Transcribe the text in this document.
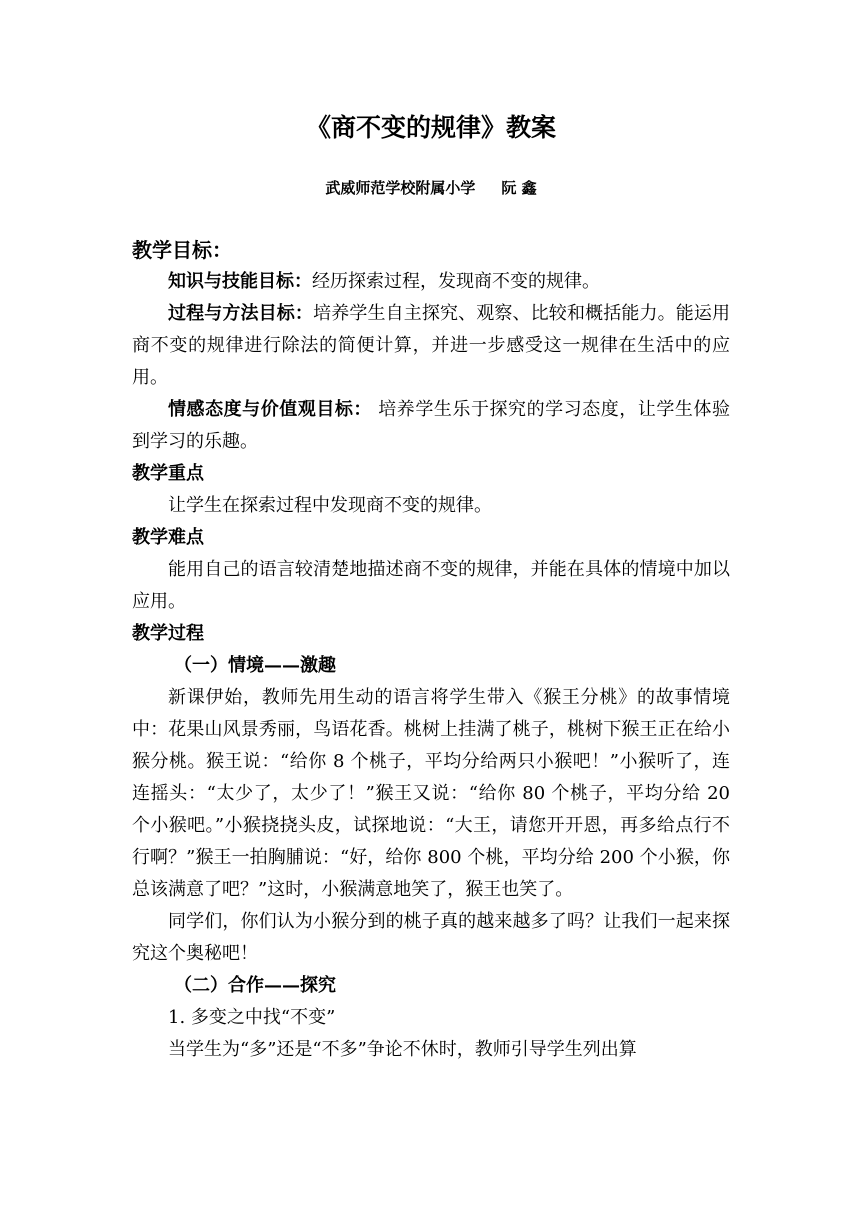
《商不变的规律》教案
武威师范学校附属小学 阮 鑫

教学目标：

知识与技能目标：经历探索过程，发现商不变的规律。

过程与方法目标：培养学生自主探究、观察、比较和概括能力。能运用商不变的规律进行除法的简便计算，并进一步感受这一规律在生活中的应用。

情感态度与价值观目标： 培养学生乐于探究的学习态度，让学生体验到学习的乐趣。

教学重点

让学生在探索过程中发现商不变的规律。

教学难点

能用自己的语言较清楚地描述商不变的规律，并能在具体的情境中加以应用。

教学过程

（一）情境——激趣

新课伊始，教师先用生动的语言将学生带入《猴王分桃》的故事情境中：花果山风景秀丽，鸟语花香。桃树上挂满了桃子，桃树下猴王正在给小猴分桃。猴王说：“给你 8 个桃子，平均分给两只小猴吧！”小猴听了，连连摇头：“太少了，太少了！”猴王又说：“给你 80 个桃子，平均分给 20 个小猴吧。”小猴挠挠头皮，试探地说：“大王，请您开开恩，再多给点行不行啊？”猴王一拍胸脯说：“好，给你 800 个桃，平均分给 200 个小猴，你总该满意了吧？”这时，小猴满意地笑了，猴王也笑了。

同学们，你们认为小猴分到的桃子真的越来越多了吗？让我们一起来探究这个奥秘吧！

（二）合作——探究

1. 多变之中找“不变”

当学生为“多”还是“不多”争论不休时，教师引导学生列出算
